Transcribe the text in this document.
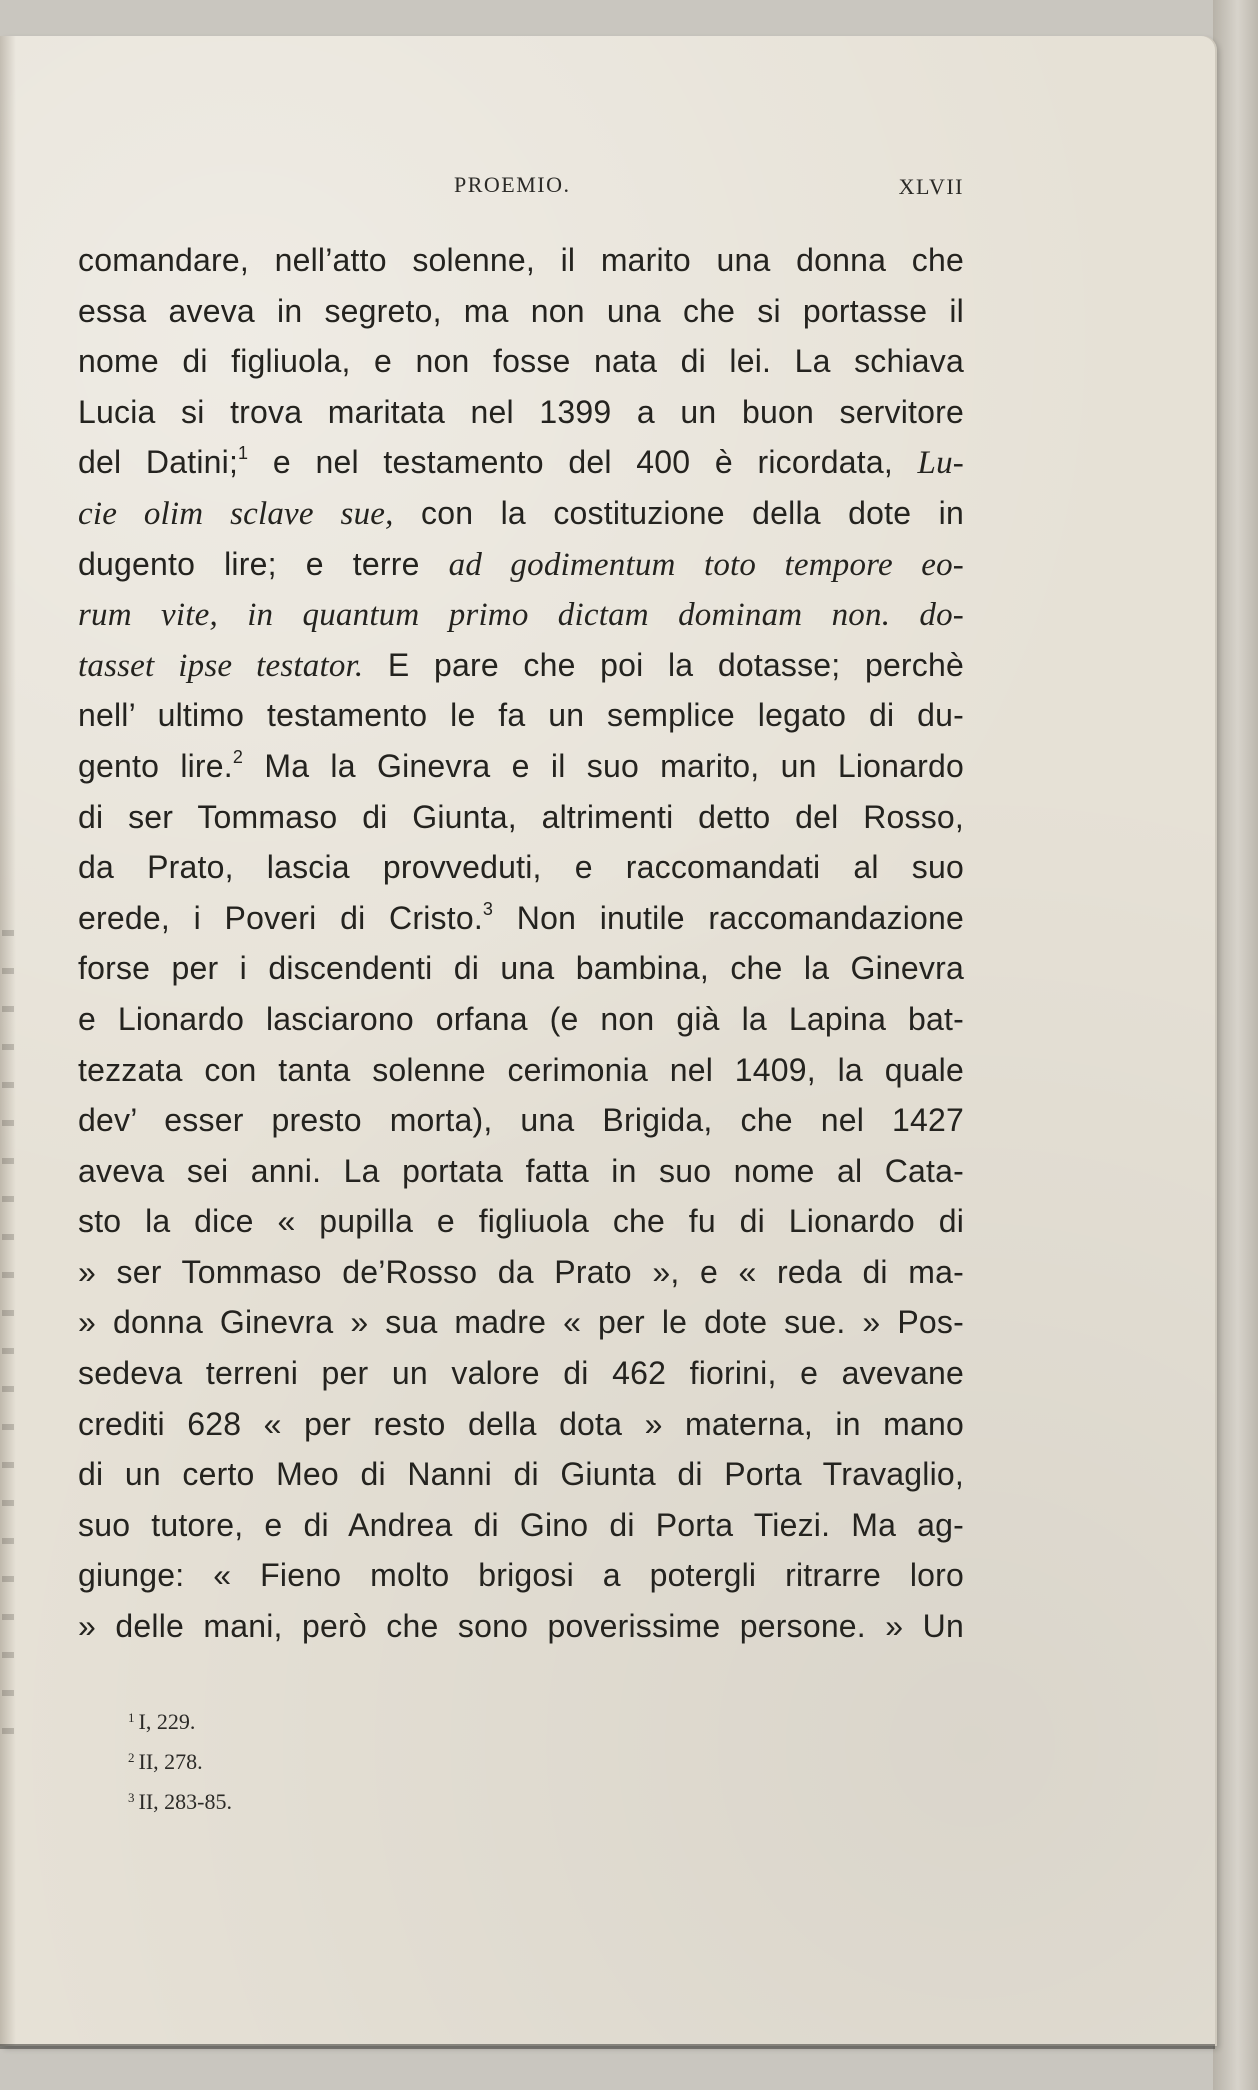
PROEMIO.	XLVII
comandare, nell’atto solenne, il marito una donna che
essa aveva in segreto, ma non una che si portasse il
nome di figliuola, e non fosse nata di lei. La schiava
Lucia si trova maritata nel 1399 a un buon servitore
del Datini;$^1$ e nel testamento del 400 è ricordata, Lu-
cie olim sclave sue, con la costituzione della dote in
dugento lire; e terre ad godimentum toto tempore eo-
rum vite, in quantum primo dictam dominam non. do-
tasset ipse testator. E pare che poi la dotasse; perchè
nell’ ultimo testamento le fa un semplice legato di du-
gento lire.$^2$ Ma la Ginevra e il suo marito, un Lionardo
di ser Tommaso di Giunta, altrimenti detto del Rosso,
da Prato, lascia provveduti, e raccomandati al suo
erede, i Poveri di Cristo.$^3$ Non inutile raccomandazione
forse per i discendenti di una bambina, che la Ginevra
e Lionardo lasciarono orfana (e non già la Lapina bat-
tezzata con tanta solenne cerimonia nel 1409, la quale
dev’ esser presto morta), una Brigida, che nel 1427
aveva sei anni. La portata fatta in suo nome al Cata-
sto la dice « pupilla e figliuola che fu di Lionardo di
» ser Tommaso de’Rosso da Prato », e « reda di ma-
» donna Ginevra » sua madre « per le dote sue. » Pos-
sedeva terreni per un valore di 462 fiorini, e avevane
crediti 628 « per resto della dota » materna, in mano
di un certo Meo di Nanni di Giunta di Porta Travaglio,
suo tutore, e di Andrea di Gino di Porta Tiezi. Ma ag-
giunge: « Fieno molto brigosi a potergli ritrarre loro
» delle mani, però che sono poverissime persone. » Un
$^1$ I, 229.
$^2$ II, 278.
$^3$ II, 283-85.
